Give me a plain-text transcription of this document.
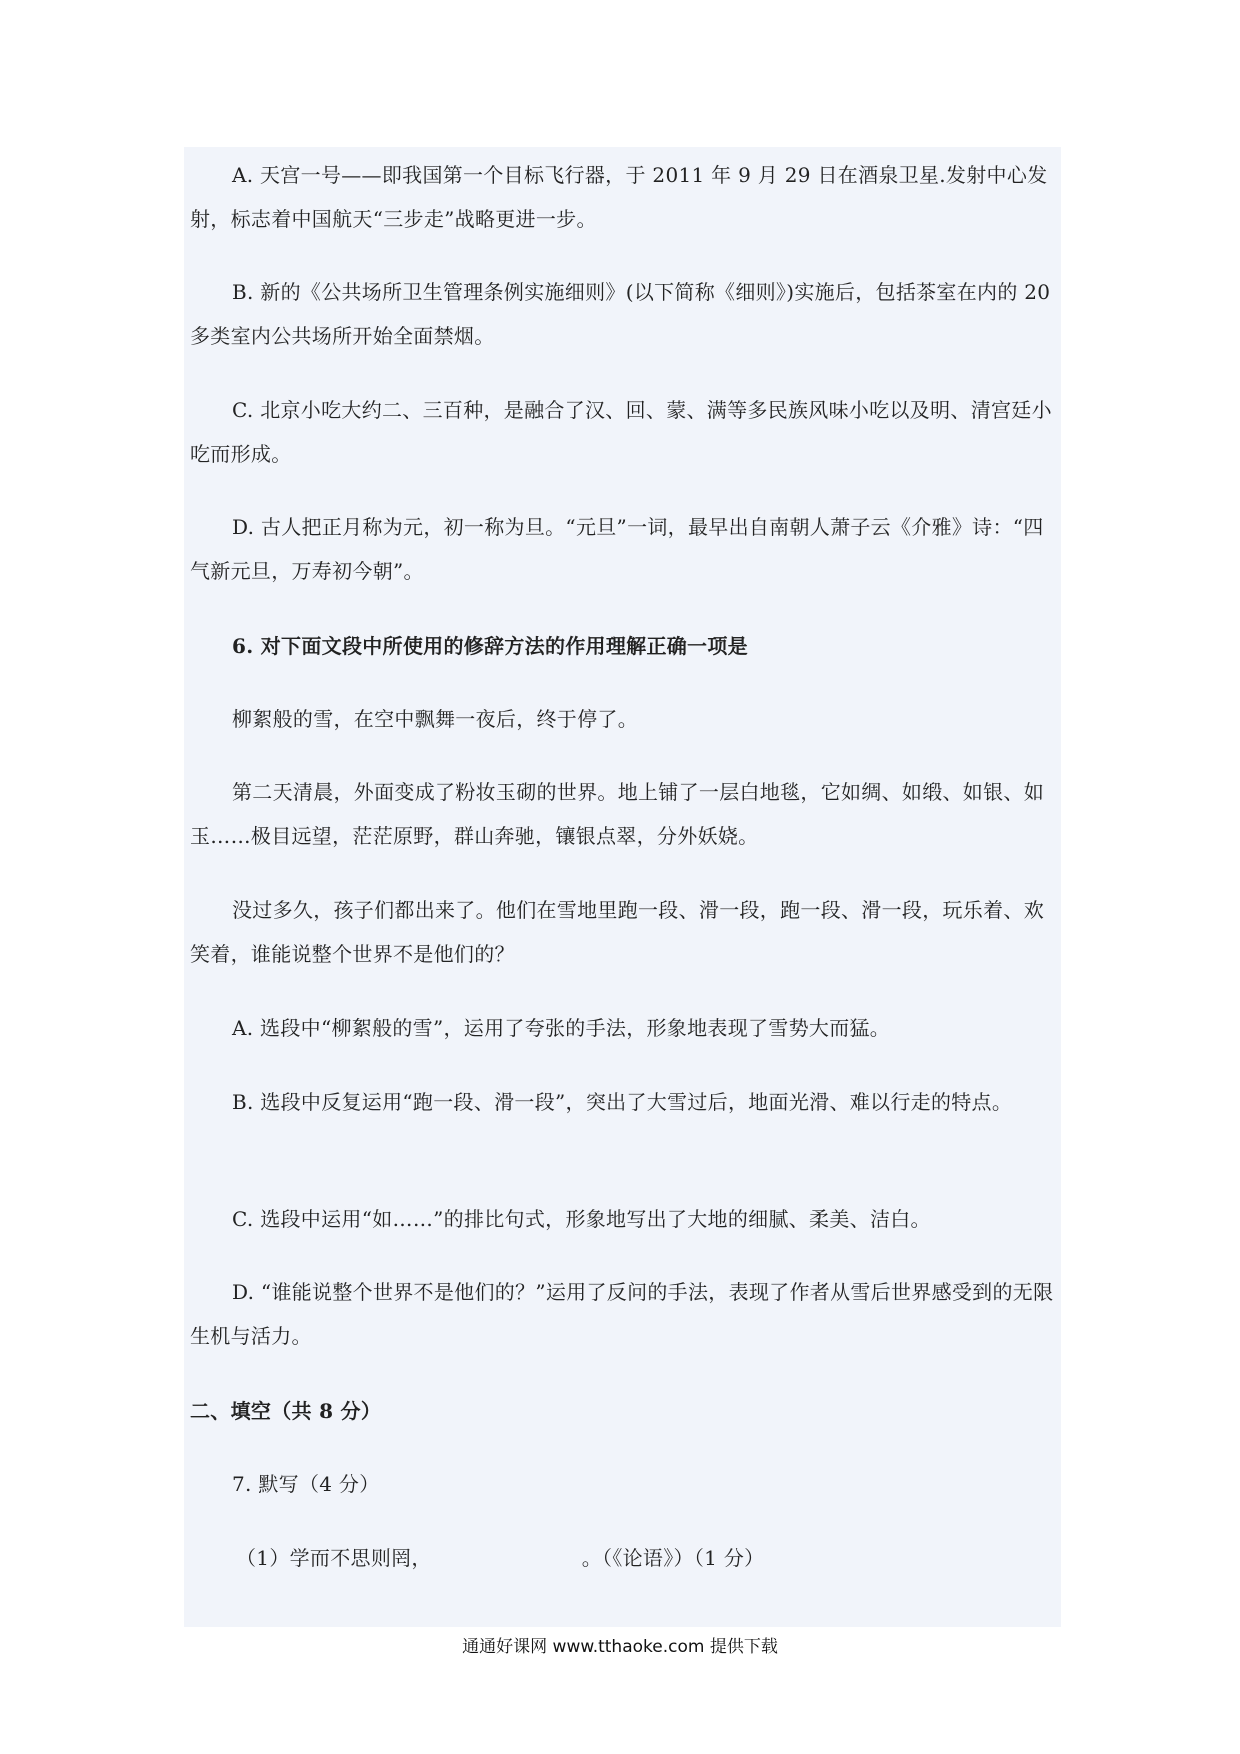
A. 天宫一号——即我国第一个目标飞行器，于 2011 年 9 月 29 日在酒泉卫星.发射中心发射，标志着中国航天“三步走”战略更进一步。

B. 新的《公共场所卫生管理条例实施细则》(以下简称《细则》)实施后，包括茶室在内的 20 多类室内公共场所开始全面禁烟。

C. 北京小吃大约二、三百种，是融合了汉、回、蒙、满等多民族风味小吃以及明、清宫廷小吃而形成。

D. 古人把正月称为元，初一称为旦。“元旦”一词，最早出自南朝人萧子云《介雅》诗：“四气新元旦，万寿初今朝”。

6. 对下面文段中所使用的修辞方法的作用理解正确一项是

柳絮般的雪，在空中飘舞一夜后，终于停了。

第二天清晨，外面变成了粉妆玉砌的世界。地上铺了一层白地毯，它如绸、如缎、如银、如玉……极目远望，茫茫原野，群山奔驰，镶银点翠，分外妖娆。

没过多久，孩子们都出来了。他们在雪地里跑一段、滑一段，跑一段、滑一段，玩乐着、欢笑着，谁能说整个世界不是他们的？

A. 选段中“柳絮般的雪”，运用了夸张的手法，形象地表现了雪势大而猛。

B. 选段中反复运用“跑一段、滑一段”，突出了大雪过后，地面光滑、难以行走的特点。

C. 选段中运用“如……”的排比句式，形象地写出了大地的细腻、柔美、洁白。

D. “谁能说整个世界不是他们的？”运用了反问的手法，表现了作者从雪后世界感受到的无限生机与活力。

二、填空（共 8 分）

7. 默写（4 分）

（1）学而不思则罔，	。（《论语》）（1 分）

通通好课网 www.tthaoke.com 提供下载
